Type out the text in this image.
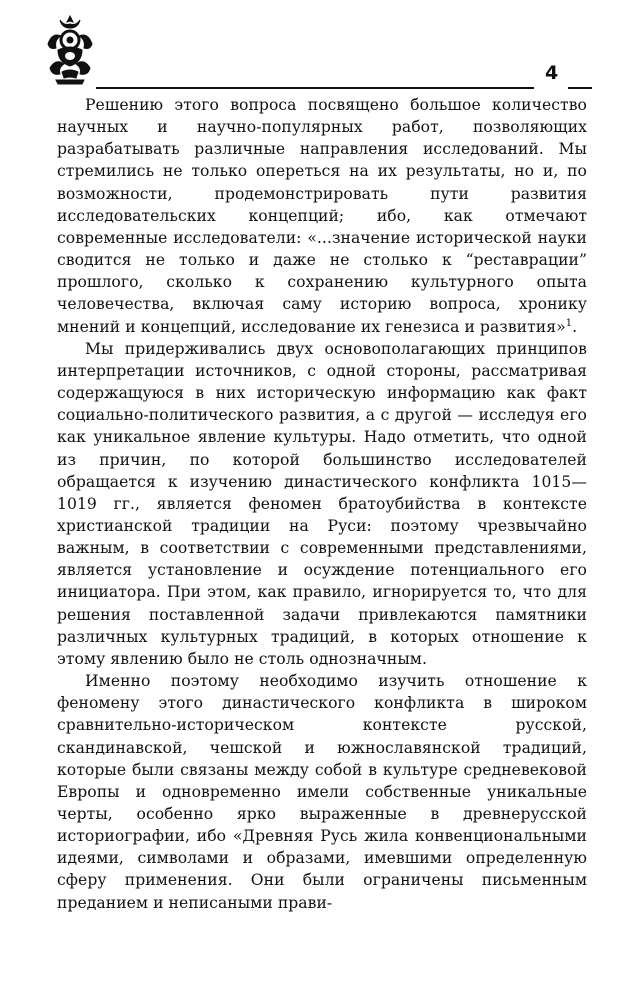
4

Решению этого вопроса посвящено большое количество научных и научно-популярных работ, позволяющих разрабатывать различные направления исследований. Мы стремились не только опереться на их результаты, но и, по возможности, продемонстрировать пути развития исследовательских концепций; ибо, как отмечают современные исследователи: «...значение исторической науки сводится не только и даже не столько к “реставрации” прошлого, сколько к сохранению культурного опыта человечества, включая саму историю вопроса, хронику мнений и концепций, исследование их генезиса и развития»$^1$.

Мы придерживались двух основополагающих принципов интерпретации источников, с одной стороны, рассматривая содержащуюся в них историческую информацию как факт социально-политического развития, а с другой — исследуя его как уникальное явление культуры. Надо отметить, что одной из причин, по которой большинство исследователей обращается к изучению династического конфликта 1015—1019 гг., является феномен братоубийства в контексте христианской традиции на Руси: поэтому чрезвычайно важным, в соответствии с современными представлениями, является установление и осуждение потенциального его инициатора. При этом, как правило, игнорируется то, что для решения поставленной задачи привлекаются памятники различных культурных традиций, в которых отношение к этому явлению было не столь однозначным.

Именно поэтому необходимо изучить отношение к феномену этого династического конфликта в широком сравнительно-историческом контексте русской, скандинавской, чешской и южнославянской традиций, которые были связаны между собой в культуре средневековой Европы и одновременно имели собственные уникальные черты, особенно ярко выраженные в древнерусской историографии, ибо «Древняя Русь жила конвенциональными идеями, символами и образами, имевшими определенную сферу применения. Они были ограничены письменным преданием и неписаными прави-
